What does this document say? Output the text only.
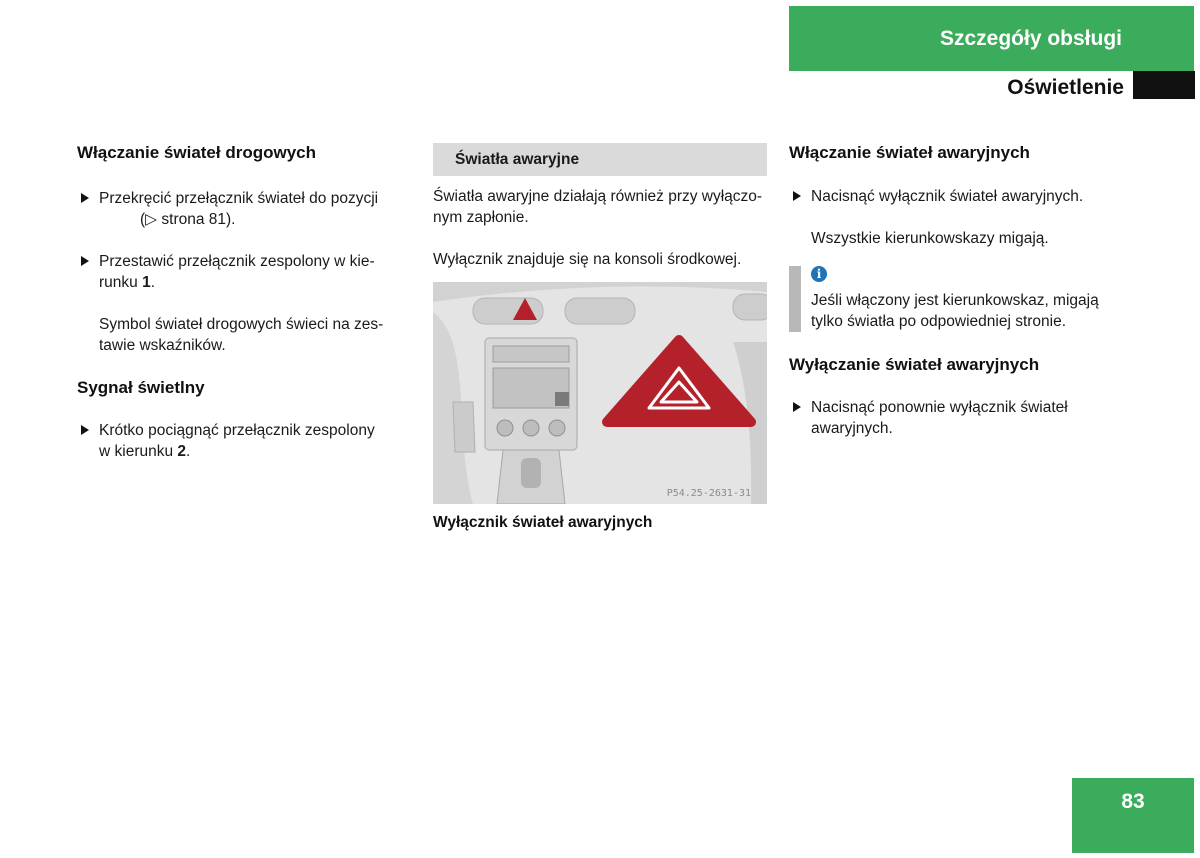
Szczegóły obsługi
Oświetlenie
Włączanie świateł drogowych
Przekręcić przełącznik świateł do pozycji
(▷ strona 81).
Przestawić przełącznik zespolony w kie-
runku 1.

Symbol świateł drogowych świeci na zes-
tawie wskaźników.

Sygnał świetlny
Krótko pociągnąć przełącznik zespolony
w kierunku 2.
Światła awaryjne

Światła awaryjne działają również przy wyłączo-
nym zapłonie.

Wyłącznik znajduje się na konsoli środkowej.

P54.25-2631-31
Wyłącznik świateł awaryjnych
Włączanie świateł awaryjnych
Nacisnąć wyłącznik świateł awaryjnych.

Wszystkie kierunkowskazy migają.

i

Jeśli włączony jest kierunkowskaz, migają
tylko światła po odpowiedniej stronie.

Wyłączanie świateł awaryjnych
Nacisnąć ponownie wyłącznik świateł
awaryjnych.
83
